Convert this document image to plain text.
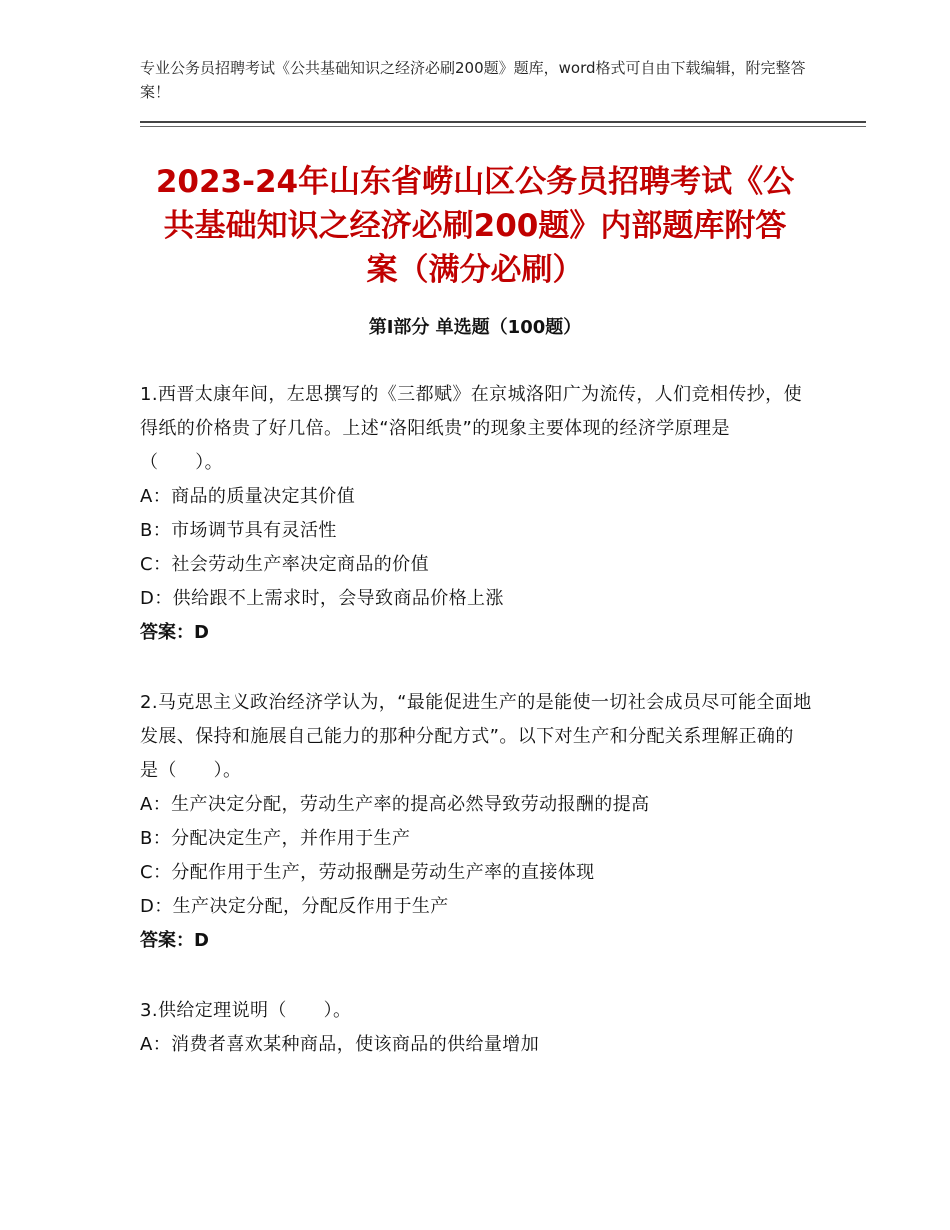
专业公务员招聘考试《公共基础知识之经济必刷200题》题库，word格式可自由下载编辑，附完整答案！
2023-24年山东省崂山区公务员招聘考试《公共基础知识之经济必刷200题》内部题库附答案（满分必刷）
第Ⅰ部分 单选题（100题）

1.西晋太康年间，左思撰写的《三都赋》在京城洛阳广为流传，人们竞相传抄，使得纸的价格贵了好几倍。上述“洛阳纸贵”的现象主要体现的经济学原理是（　　）。

A：商品的质量决定其价值

B：市场调节具有灵活性

C：社会劳动生产率决定商品的价值

D：供给跟不上需求时，会导致商品价格上涨

答案：D

2.马克思主义政治经济学认为，“最能促进生产的是能使一切社会成员尽可能全面地发展、保持和施展自己能力的那种分配方式”。以下对生产和分配关系理解正确的是（　　）。

A：生产决定分配，劳动生产率的提高必然导致劳动报酬的提高

B：分配决定生产，并作用于生产

C：分配作用于生产，劳动报酬是劳动生产率的直接体现

D：生产决定分配，分配反作用于生产

答案：D

3.供给定理说明（　　）。

A：消费者喜欢某种商品，使该商品的供给量增加
